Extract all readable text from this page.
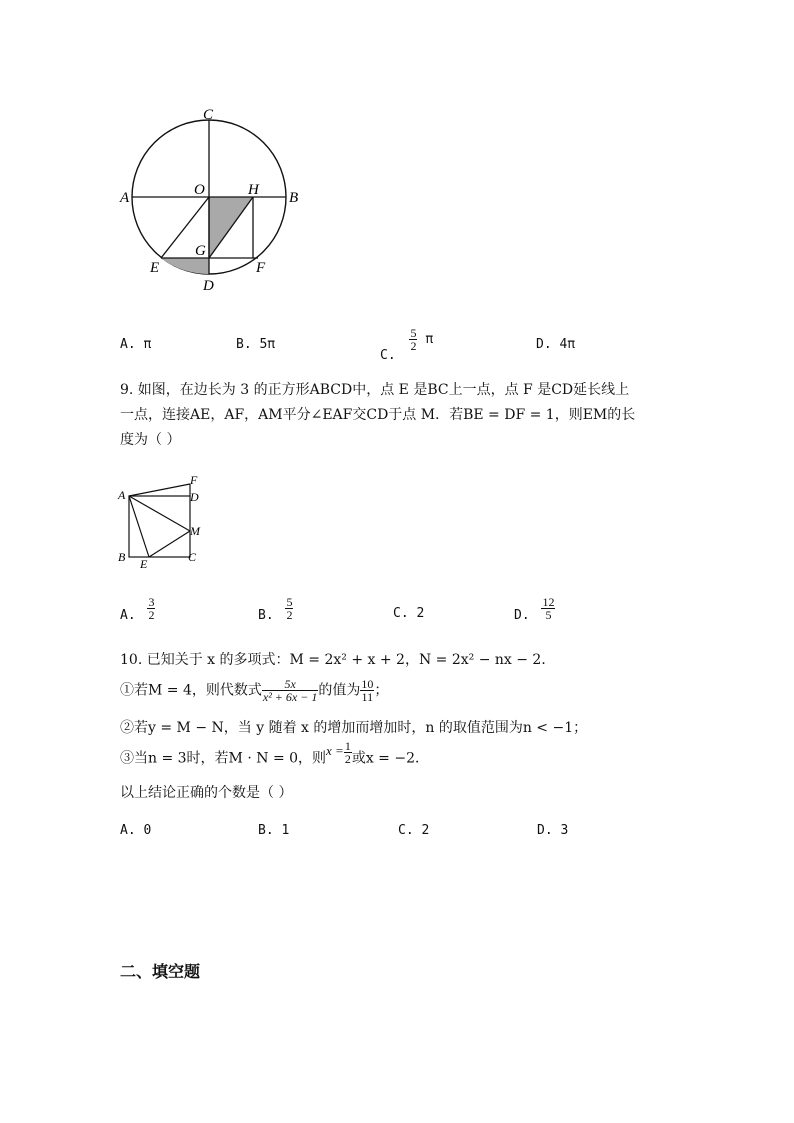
C
A	O	H B
G
E	F
D
A. π	B. 5π
C.
$\frac{5}{2}$ π	D. 4π
9. 如图，在边长为 3 的正方形ABCD中，点 E 是BC上一点，点 F 是CD延长线上
一点，连接AE，AF，AM平分∠EAF交CD于点 M．若BE = DF = 1，则EM的长
度为（ ）
A
F
D
M
B E	C
A. $\frac{3}{2}$	B. $\frac{5}{2}$	C. 2	D. $\frac{12}{5}$
10. 已知关于 x 的多项式：M = 2x² + x + 2，N = 2x² − nx − 2．
①若M = 4，则代数式 $\frac{5x}{\text{x² + 6x − 1}}$ 的值为 $\frac{10}{11}$ ；
②若y = M − N，当 y 随着 x 的增加而增加时，n 的取值范围为n < −1；
③当n = 3时，若M · N = 0，则$x = \frac{1}{2}$ 或x = −2．
以上结论正确的个数是（ ）
A. 0	B. 1	C. 2	D. 3
二、填空题
